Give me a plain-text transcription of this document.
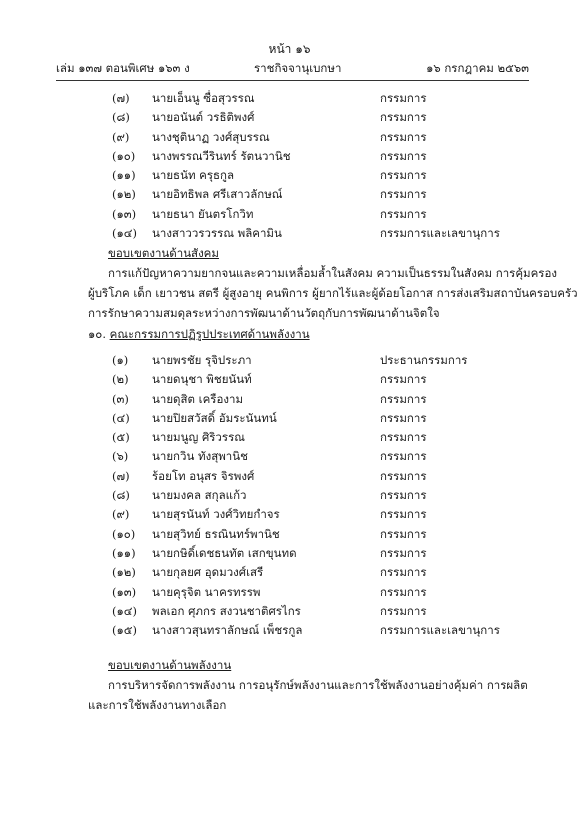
หน้า ๑๖
เล่ม ๑๓๗ ตอนพิเศษ ๑๖๓ ง	ราชกิจจานุเบกษา	๑๖ กรกฎาคม ๒๕๖๓
(๗) นายเอ็นนู ซื่อสุวรรณ	กรรมการ
(๘) นายอนันต์ วรธิติพงศ์	กรรมการ
(๙) นางชุตินาฏ วงศ์สุบรรณ	กรรมการ
(๑๐) นางพรรณวีรินทร์ รัตนวานิช	กรรมการ
(๑๑) นายธนัท ครุธกูล	กรรมการ
(๑๒) นายอิทธิพล ศรีเสาวลักษณ์	กรรมการ
(๑๓) นายธนา ยันตรโกวิท	กรรมการ
(๑๔) นางสาววรวรรณ พลิคามิน	กรรมการและเลขานุการ
ขอบเขตงานด้านสังคม
การแก้ปัญหาความยากจนและความเหลื่อมล้ำในสังคม ความเป็นธรรมในสังคม การคุ้มครอง
ผู้บริโภค เด็ก เยาวชน สตรี ผู้สูงอายุ คนพิการ ผู้ยากไร้และผู้ด้อยโอกาส การส่งเสริมสถาบันครอบครัว
การรักษาความสมดุลระหว่างการพัฒนาด้านวัตถุกับการพัฒนาด้านจิตใจ
๑๐. คณะกรรมการปฏิรูปประเทศด้านพลังงาน
(๑) นายพรชัย รุจิประภา	ประธานกรรมการ
(๒) นายดนุชา พิชยนันท์	กรรมการ
(๓) นายดุสิต เครืองาม	กรรมการ
(๔) นายปิยสวัสดิ์ อัมระนันทน์	กรรมการ
(๕) นายมนูญ ศิริวรรณ	กรรมการ
(๖) นายกวิน ทังสุพานิช	กรรมการ
(๗) ร้อยโท อนุสร จิรพงศ์	กรรมการ
(๘) นายมงคล สกุลแก้ว	กรรมการ
(๙) นายสุรนันท์ วงศ์วิทยกำจร	กรรมการ
(๑๐) นายสุวิทย์ ธรณินทร์พานิช	กรรมการ
(๑๑) นายกษิดิ์เดชธนทัต เสกขุนทด	กรรมการ
(๑๒) นายกุลยศ อุดมวงศ์เสรี	กรรมการ
(๑๓) นายคุรุจิต นาครทรรพ	กรรมการ
(๑๔) พลเอก ศุภกร สงวนชาติศรไกร	กรรมการ
(๑๕) นางสาวสุนทราลักษณ์ เพ็ชรกูล	กรรมการและเลขานุการ
ขอบเขตงานด้านพลังงาน
การบริหารจัดการพลังงาน การอนุรักษ์พลังงานและการใช้พลังงานอย่างคุ้มค่า การผลิต
และการใช้พลังงานทางเลือก
